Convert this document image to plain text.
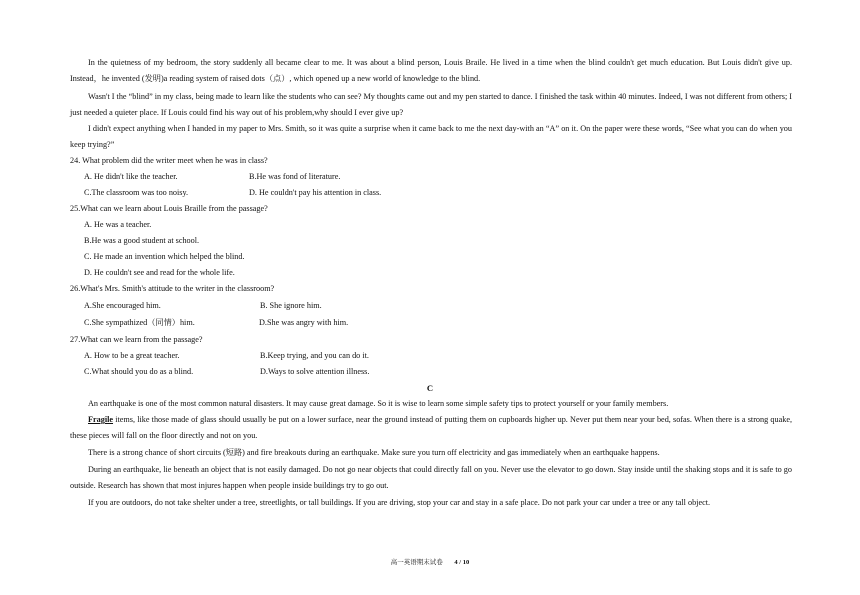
In the quietness of my bedroom, the story suddenly all became clear to me. It was about a blind person, Louis Braile. He lived in a time when the blind couldn't get much education. But Louis didn't give up. Instead，he invented (发明)a reading system of raised dots（点）, which opened up a new world of knowledge to the blind.
Wasn't I the “blind” in my class, being made to learn like the students who can see? My thoughts came out and my pen started to dance. I finished the task within 40 minutes. Indeed, I was not different from others; I just needed a quieter place. If Louis could find his way out of his problem,why should I ever give up?
I didn't expect anything when I handed in my paper to Mrs. Smith, so it was quite a surprise when it came back to me the next day-with an “A” on it. On the paper were these words, “See what you can do when you keep trying?”
24. What problem did the writer meet when he was in class?
A. He didn't like the teacher.	B.He was fond of literature.
C.The classroom was too noisy.	D. He couldn't pay his attention in class.
25.What can we learn about Louis Braille from the passage?
A. He was a teacher.
B.He was a good student at school.
C. He made an invention which helped the blind.
D. He couldn't see and read for the whole life.
26.What's Mrs. Smith's attitude to the writer in the classroom?
A.She encouraged him.	B. She ignore him.
C.She sympathized（同情）him.	D.She was angry with him.
27.What can we learn from the passage?
A. How to be a great teacher.	B.Keep trying, and you can do it.
C.What should you do as a blind.	D.Ways to solve attention illness.
C
An earthquake is one of the most common natural disasters. It may cause great damage. So it is wise to learn some simple safety tips to protect yourself or your family members.
Fragile items, like those made of glass should usually be put on a lower surface, near the ground instead of putting them on cupboards higher up. Never put them near your bed, sofas. When there is a strong quake, these pieces will fall on the floor directly and not on you.
There is a strong chance of short circuits (短路) and fire breakouts during an earthquake. Make sure you turn off electricity and gas immediately when an earthquake happens.
During an earthquake, lie beneath an object that is not easily damaged. Do not go near objects that could directly fall on you. Never use the elevator to go down. Stay inside until the shaking stops and it is safe to go outside. Research has shown that most injures happen when people inside buildings try to go out.
If you are outdoors, do not take shelter under a tree, streetlights, or tall buildings. If you are driving, stop your car and stay in a safe place. Do not park your car under a tree or any tall object.
高一英语期末试卷 4 / 10
